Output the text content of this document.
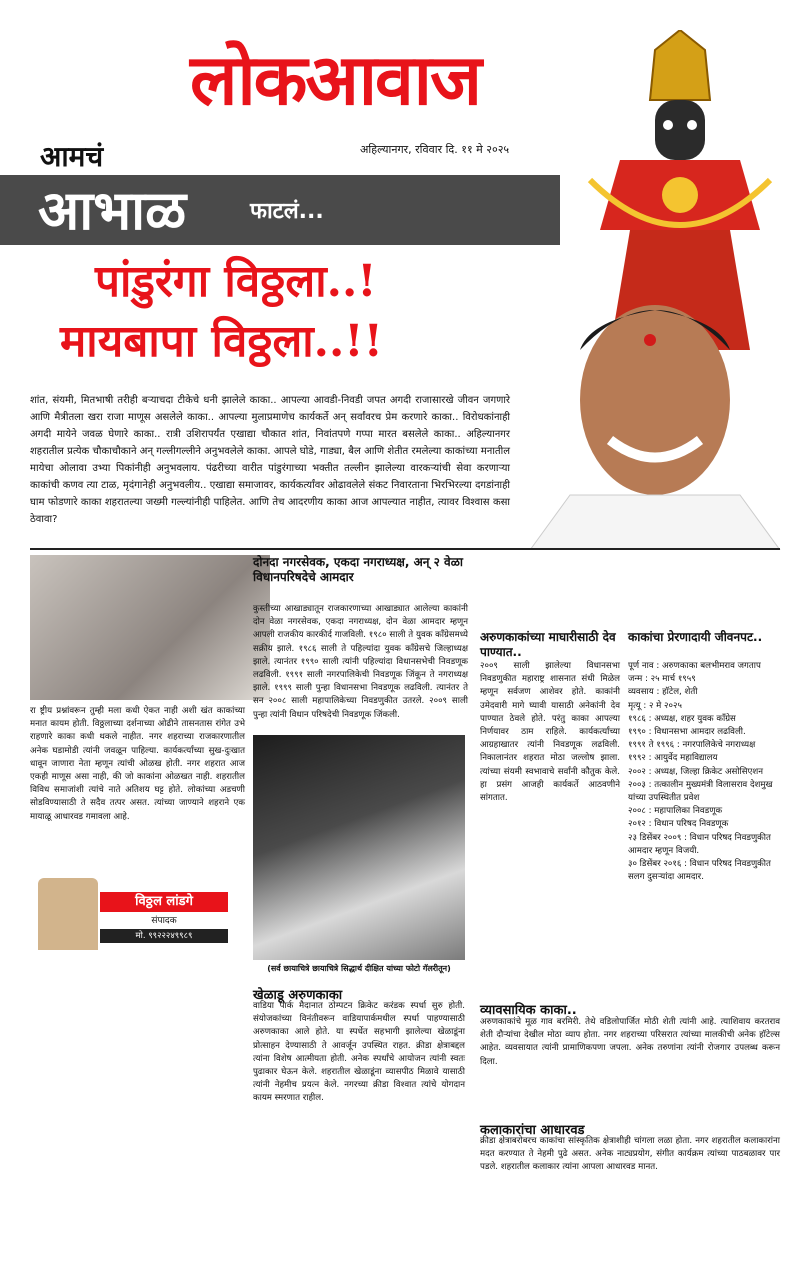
लोकआवाज
आमचं	अहिल्यानगर, रविवार दि. ११ मे २०२५
आभाळ	फाटलं...
पांडुरंगा विठ्ठला..!
मायबापा विठ्ठला..!!
शांत, संयमी, मितभाषी तरीही बऱ्याचदा टीकेचे धनी झालेले काका.. आपल्या आवडी-निवडी जपत अगदी राजासारखे जीवन जगणारे आणि मैत्रीतला खरा राजा माणूस असलेले काका.. आपल्या मुलाप्रमाणेच कार्यकर्ते अन् सर्वांवरच प्रेम करणारे काका.. विरोधकांनाही अगदी मायेने जवळ घेणारे काका.. रात्री उशिरापर्यंत एखाद्या चौकात शांत, निवांतपणे गप्पा मारत बसलेले काका.. अहिल्यानगर शहरातील प्रत्येक चौकाचौकाने अन् गल्लीगल्लीने अनुभवलेले काका. आपले घोडे, गाड्या, बैल आणि शेतीत रमलेल्या काकांच्या मनातील मायेचा ओलावा उभ्या पिकांनीही अनुभवलाय. पंढरीच्या वारीत पांडुरंगाच्या भक्तीत तल्लीन झालेल्या वारकऱ्यांची सेवा करणाऱ्या काकांची कणव त्या टाळ, मृदंगानेही अनुभवलीय.. एखाद्या समाजावर, कार्यकर्त्यांवर ओढावलेले संकट निवारताना भिरभिरल्या दगडांनाही घाम फोडणारे काका शहरातल्या जख्मी गल्ल्यांनीही पाहिलेत. आणि तेच आदरणीय काका आज आपल्यात नाहीत, त्यावर विश्वास कसा ठेवावा?
दोनदा नगरसेवक, एकदा नगराध्यक्ष, अन् २ वेळा विधानपरिषदेचे आमदार
कुस्तीच्या आखाड्यातून राजकारणाच्या आखाड्यात आलेल्या काकांनी दोन वेळा नगरसेवक, एकदा नगराध्यक्ष, दोन वेळा आमदार म्हणून आपली राजकीय कारकीर्द गाजविली. १९८० साली ते युवक काँग्रेसमध्ये सक्रीय झाले. १९८६ साली ते पहिल्यांदा युवक काँग्रेसचे जिल्हाध्यक्ष झाले. त्यानंतर १९९० साली त्यांनी पहिल्यांदा विधानसभेची निवडणूक लढविली. १९९१ साली नगरपालिकेची निवडणूक जिंकून ते नगराध्यक्ष झाले. १९९९ साली पुन्हा विधानसभा निवडणूक लढविली. त्यानंतर ते सन २००८ साली महापालिकेच्या निवडणुकीत उतरले. २००९ साली पुन्हा त्यांनी विधान परिषदेची निवडणूक जिंकली.
रा ष्ट्रीय प्रश्नांवरून तुम्ही मला कधी ऐकत नाही अशी खंत काकांच्या मनात कायम होती. विठ्ठलाच्या दर्शनाच्या ओढीने तासनतास रांगेत उभे राहणारे काका कधी थकले नाहीत. नगर शहराच्या राजकारणातील अनेक घडामोडी त्यांनी जवळून पाहिल्या. कार्यकर्त्यांच्या सुख-दुःखात धावून जाणारा नेता म्हणून त्यांची ओळख होती. नगर शहरात आज एकही माणूस असा नाही, की जो काकांना ओळखत नाही. शहरातील विविध समाजांशी त्यांचे नाते अतिशय घट्ट होते. लोकांच्या अडचणी सोडविण्यासाठी ते सदैव तत्पर असत. त्यांच्या जाण्याने शहराने एक मायाळू आधारवड गमावला आहे.
विठ्ठल लांडगे
संपादक
मो. ९९२२२४९९८९
(सर्व छायाचित्रे छायाचित्रे सिद्धार्थ दीक्षित यांच्या फोटो गॅलरीतून)
खेळाडू अरुणकाका
वाडिया पार्क मैदानात ठोम्पटन क्रिकेट करंडक स्पर्धा सुरु होती. संयोजकांच्या विनंतीवरून वाडियापार्कमधील स्पर्धा पाहण्यासाठी अरुणकाका आले होते. या स्पर्धेत सहभागी झालेल्या खेळाडूंना प्रोत्साहन देण्यासाठी ते आवर्जून उपस्थित राहत. क्रीडा क्षेत्राबद्दल त्यांना विशेष आत्मीयता होती. अनेक स्पर्धांचे आयोजन त्यांनी स्वतः पुढाकार घेऊन केले. शहरातील खेळाडूंना व्यासपीठ मिळावे यासाठी त्यांनी नेहमीच प्रयत्न केले. नगरच्या क्रीडा विश्वात त्यांचे योगदान कायम स्मरणात राहील.
अरुणकाकांच्या माघारीसाठी देव पाण्यात..
२००९ साली झालेल्या विधानसभा निवडणुकीत महाराष्ट्र शासनात संधी मिळेल म्हणून सर्वजण आशेवर होते. काकांनी उमेदवारी मागे घ्यावी यासाठी अनेकांनी देव पाण्यात ठेवले होते. परंतु काका आपल्या निर्णयावर ठाम राहिले. कार्यकर्त्यांच्या आग्रहाखातर त्यांनी निवडणूक लढविली. निकालानंतर शहरात मोठा जल्लोष झाला. त्यांच्या संयमी स्वभावाचे सर्वांनी कौतुक केले. हा प्रसंग आजही कार्यकर्ते आठवणीने सांगतात.
काकांचा प्रेरणादायी जीवनपट..
पूर्ण नाव : अरुणकाका बलभीमराव जगताप
जन्म : २५ मार्च १९५९
व्यवसाय : हॉटेल, शेती
मृत्यू : २ मे २०२५
१९८६ : अध्यक्ष, शहर युवक काँग्रेस
१९९० : विधानसभा आमदार लढविली.
१९९१ ते १९९६ : नगरपालिकेचे नगराध्यक्ष
१९९२ : आयुर्वेद महाविद्यालय
२००२ : अध्यक्ष, जिल्हा क्रिकेट असोसिएशन
२००३ : तत्कालीन मुख्यमंत्री विलासराव देशमुख यांच्या उपस्थितीत प्रवेश
२००८ : महापालिका निवडणूक
२०१२ : विधान परिषद निवडणूक
२३ डिसेंबर २००९ : विधान परिषद निवडणुकीत आमदार म्हणून विजयी.
३० डिसेंबर २०१६ : विधान परिषद निवडणुकीत सलग दुसऱ्यांदा आमदार.
व्यावसायिक काका..
अरुणकाकांचे मूळ गाव बरमिरी. तेथे वडिलोपार्जित मोठी शेती त्यांनी आहे. त्याशिवाय करतराव शेती दौऱ्यांचा देखील मोठा व्याप होता. नगर शहराच्या परिसरात त्यांच्या मालकीची अनेक हॉटेल्स आहेत. व्यवसायात त्यांनी प्रामाणिकपणा जपला. अनेक तरुणांना त्यांनी रोजगार उपलब्ध करून दिला.
कलाकारांचा आधारवड
क्रीडा क्षेत्राबरोबरच काकांचा सांस्कृतिक क्षेत्राशीही चांगला लळा होता. नगर शहरातील कलाकारांना मदत करण्यात ते नेहमी पुढे असत. अनेक नाट्यप्रयोग, संगीत कार्यक्रम त्यांच्या पाठबळावर पार पडले. शहरातील कलाकार त्यांना आपला आधारवड मानत.
